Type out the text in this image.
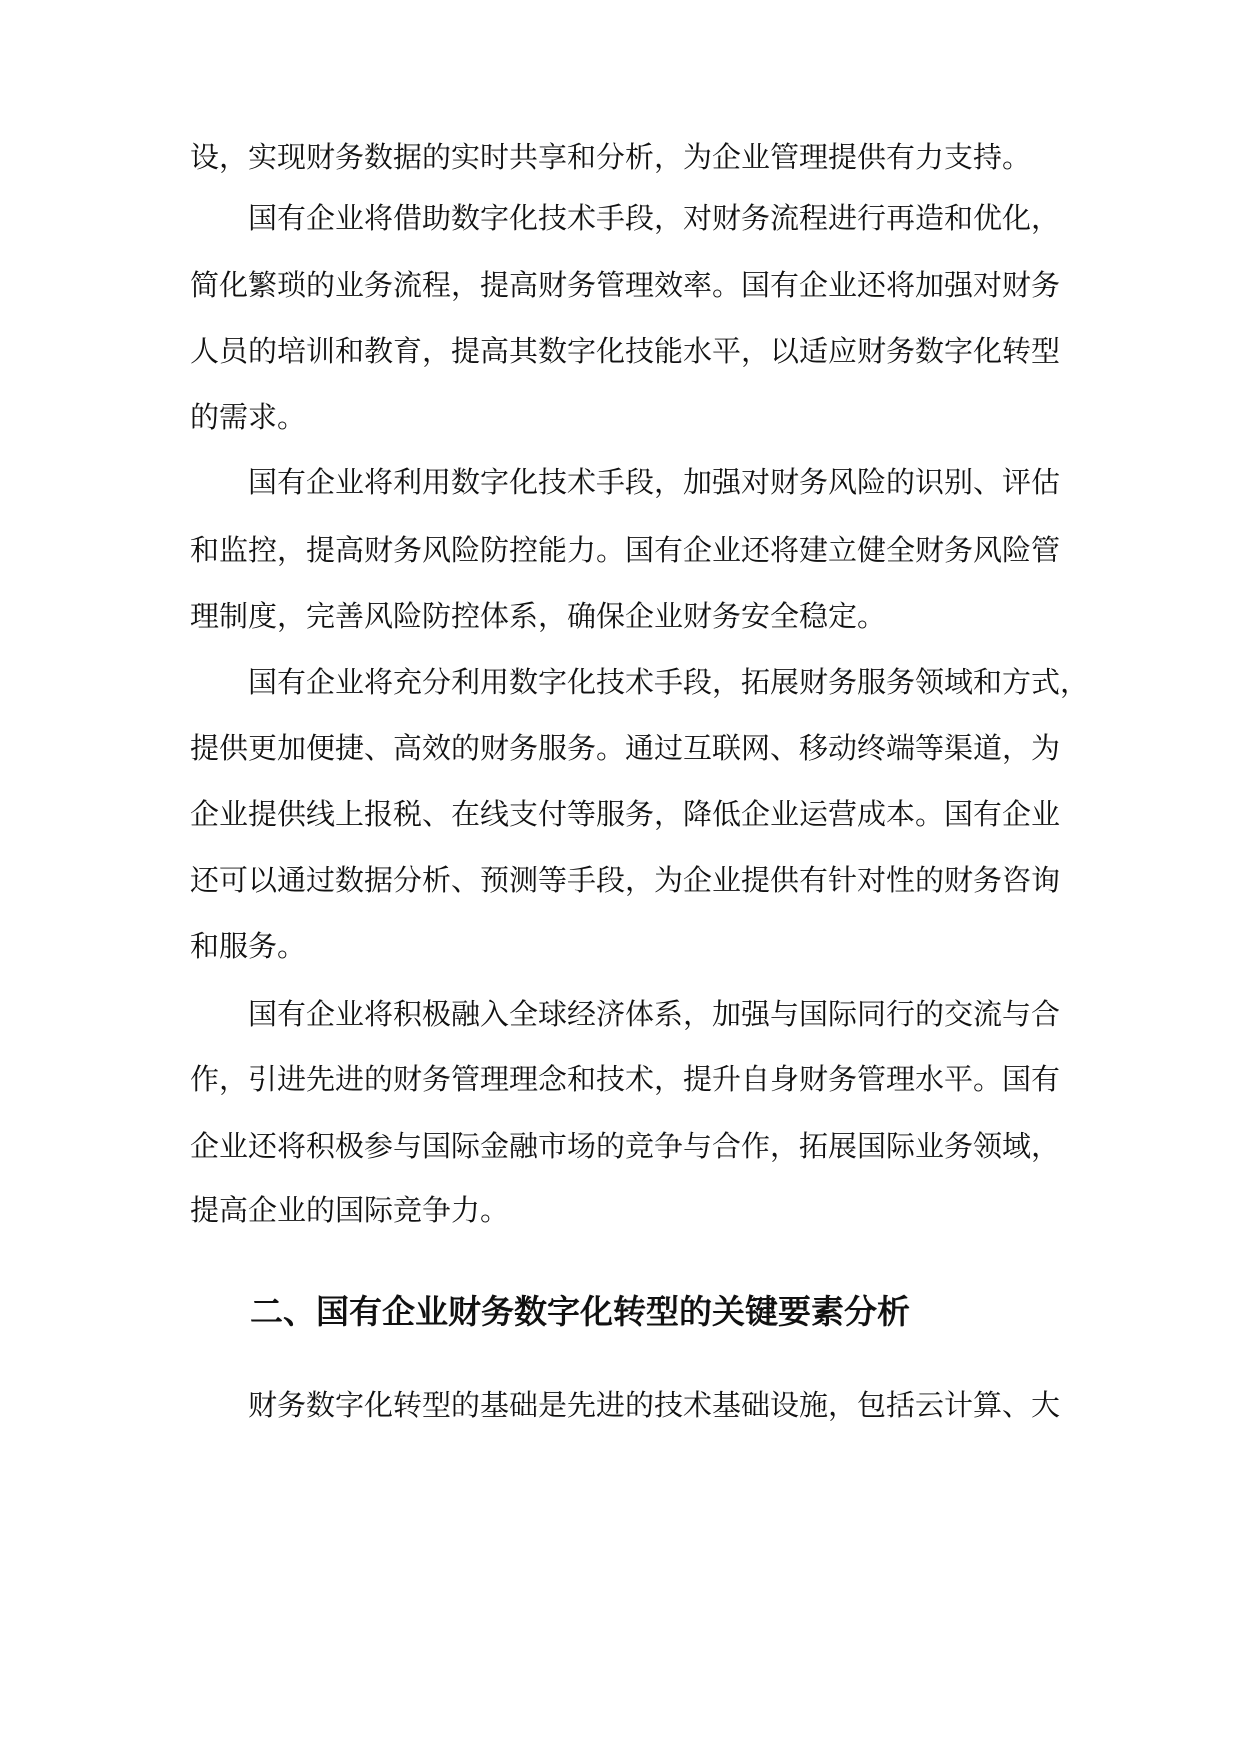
设，实现财务数据的实时共享和分析，为企业管理提供有力支持。
国有企业将借助数字化技术手段，对财务流程进行再造和优化，
简化繁琐的业务流程，提高财务管理效率。国有企业还将加强对财务
人员的培训和教育，提高其数字化技能水平，以适应财务数字化转型
的需求。
国有企业将利用数字化技术手段，加强对财务风险的识别、评估
和监控，提高财务风险防控能力。国有企业还将建立健全财务风险管
理制度，完善风险防控体系，确保企业财务安全稳定。
国有企业将充分利用数字化技术手段，拓展财务服务领域和方式，
提供更加便捷、高效的财务服务。通过互联网、移动终端等渠道，为
企业提供线上报税、在线支付等服务，降低企业运营成本。国有企业
还可以通过数据分析、预测等手段，为企业提供有针对性的财务咨询
和服务。
国有企业将积极融入全球经济体系，加强与国际同行的交流与合
作，引进先进的财务管理理念和技术，提升自身财务管理水平。国有
企业还将积极参与国际金融市场的竞争与合作，拓展国际业务领域，
提高企业的国际竞争力。
二、国有企业财务数字化转型的关键要素分析
财务数字化转型的基础是先进的技术基础设施，包括云计算、大
